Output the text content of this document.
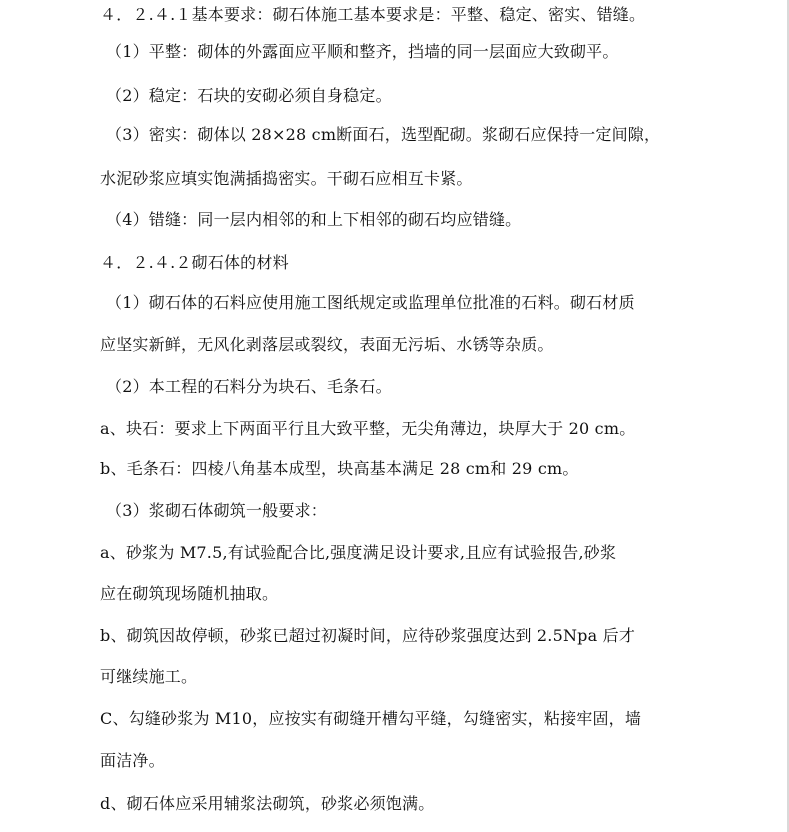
４．２.４.１基本要求：砌石体施工基本要求是：平整、稳定、密实、错缝。
（1）平整：砌体的外露面应平顺和整齐，挡墙的同一层面应大致砌平。
（2）稳定：石块的安砌必须自身稳定。
（3）密实：砌体以 28×28 cm断面石，选型配砌。浆砌石应保持一定间隙，
水泥砂浆应填实饱满插捣密实。干砌石应相互卡紧。
（4）错缝：同一层内相邻的和上下相邻的砌石均应错缝。
４．２.４.２砌石体的材料
（1）砌石体的石料应使用施工图纸规定或监理单位批准的石料。砌石材质
应坚实新鲜，无风化剥落层或裂纹，表面无污垢、水锈等杂质。
（2）本工程的石料分为块石、毛条石。
a、块石：要求上下两面平行且大致平整，无尖角薄边，块厚大于 20 cm。
b、毛条石：四棱八角基本成型，块高基本满足 28 cm和 29 cm。
（3）浆砌石体砌筑一般要求：
a、砂浆为 M7.5,有试验配合比,强度满足设计要求,且应有试验报告,砂浆
应在砌筑现场随机抽取。
b、砌筑因故停顿，砂浆已超过初凝时间，应待砂浆强度达到 2.5Npa 后才
可继续施工。
C、勾缝砂浆为 M10，应按实有砌缝开槽勾平缝，勾缝密实，粘接牢固，墙
面洁净。
d、砌石体应采用辅浆法砌筑，砂浆必须饱满。
